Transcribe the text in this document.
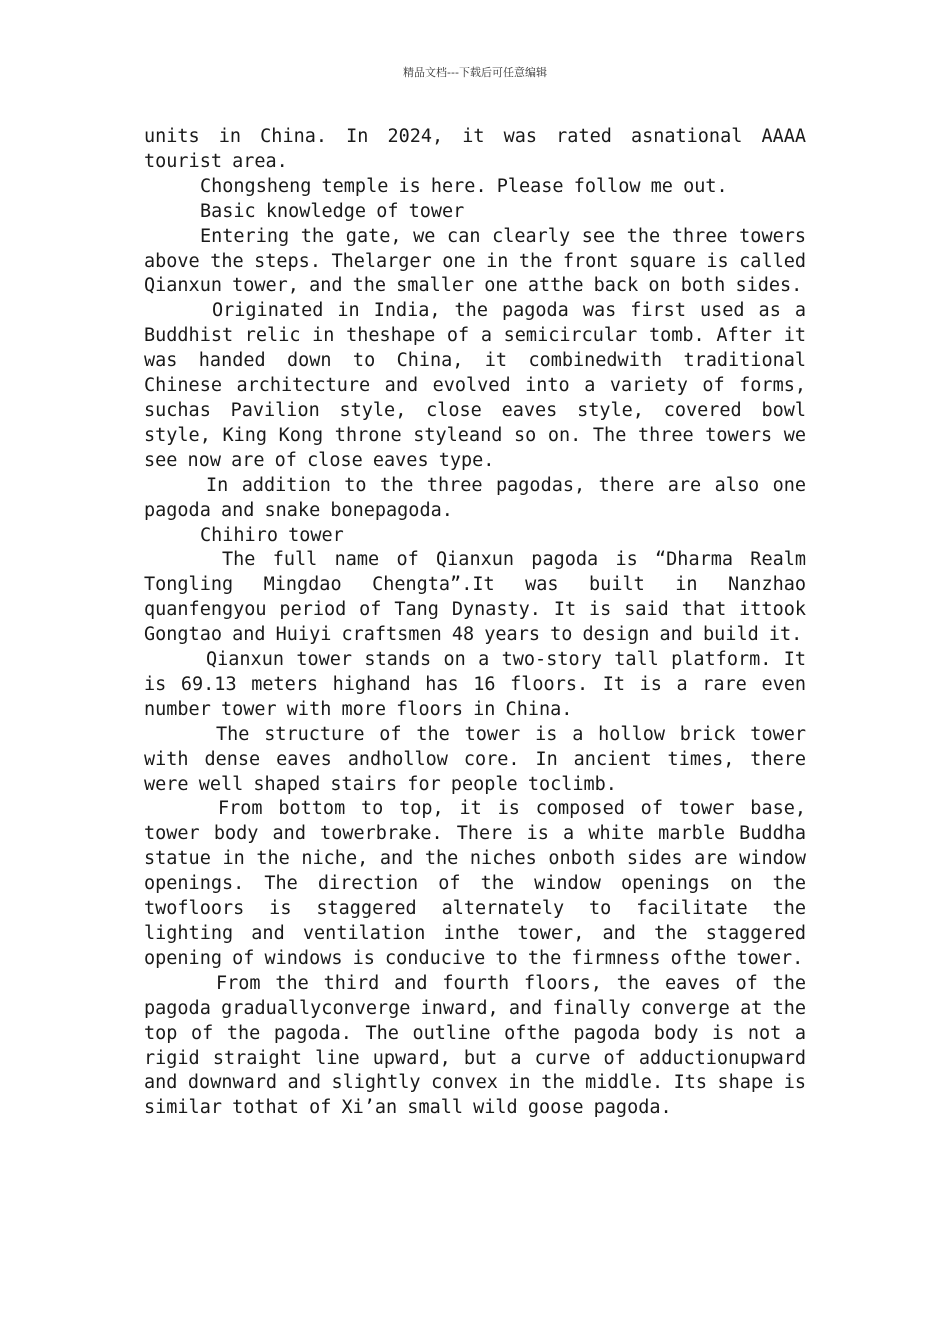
精品文档---下载后可任意编辑

units in China. In 2024, it was rated asnational AAAA tourist area.

Chongsheng temple is here. Please follow me out.

Basic knowledge of tower

Entering the gate, we can clearly see the three towers above the steps. Thelarger one in the front square is called Qianxun tower, and the smaller one atthe back on both sides.

Originated in India, the pagoda was first used as a Buddhist relic in theshape of a semicircular tomb. After it was handed down to China, it combinedwith traditional Chinese architecture and evolved into a variety of forms, suchas Pavilion style, close eaves style, covered bowl style, King Kong throne styleand so on. The three towers we see now are of close eaves type.

In addition to the three pagodas, there are also one pagoda and snake bonepagoda.

Chihiro tower

The full name of Qianxun pagoda is “Dharma Realm Tongling Mingdao Chengta”.It was built in Nanzhao quanfengyou period of Tang Dynasty. It is said that ittook Gongtao and Huiyi craftsmen 48 years to design and build it.

Qianxun tower stands on a two-story tall platform. It is 69.13 meters highand has 16 floors. It is a rare even number tower with more floors in China.

The structure of the tower is a hollow brick tower with dense eaves andhollow core. In ancient times, there were well shaped stairs for people toclimb.

From bottom to top, it is composed of tower base, tower body and towerbrake. There is a white marble Buddha statue in the niche, and the niches onboth sides are window openings. The direction of the window openings on the twofloors is staggered alternately to facilitate the lighting and ventilation inthe tower, and the staggered opening of windows is conducive to the firmness ofthe tower.

From the third and fourth floors, the eaves of the pagoda graduallyconverge inward, and finally converge at the top of the pagoda. The outline ofthe pagoda body is not a rigid straight line upward, but a curve of adductionupward and downward and slightly convex in the middle. Its shape is similar tothat of Xi’an small wild goose pagoda.
